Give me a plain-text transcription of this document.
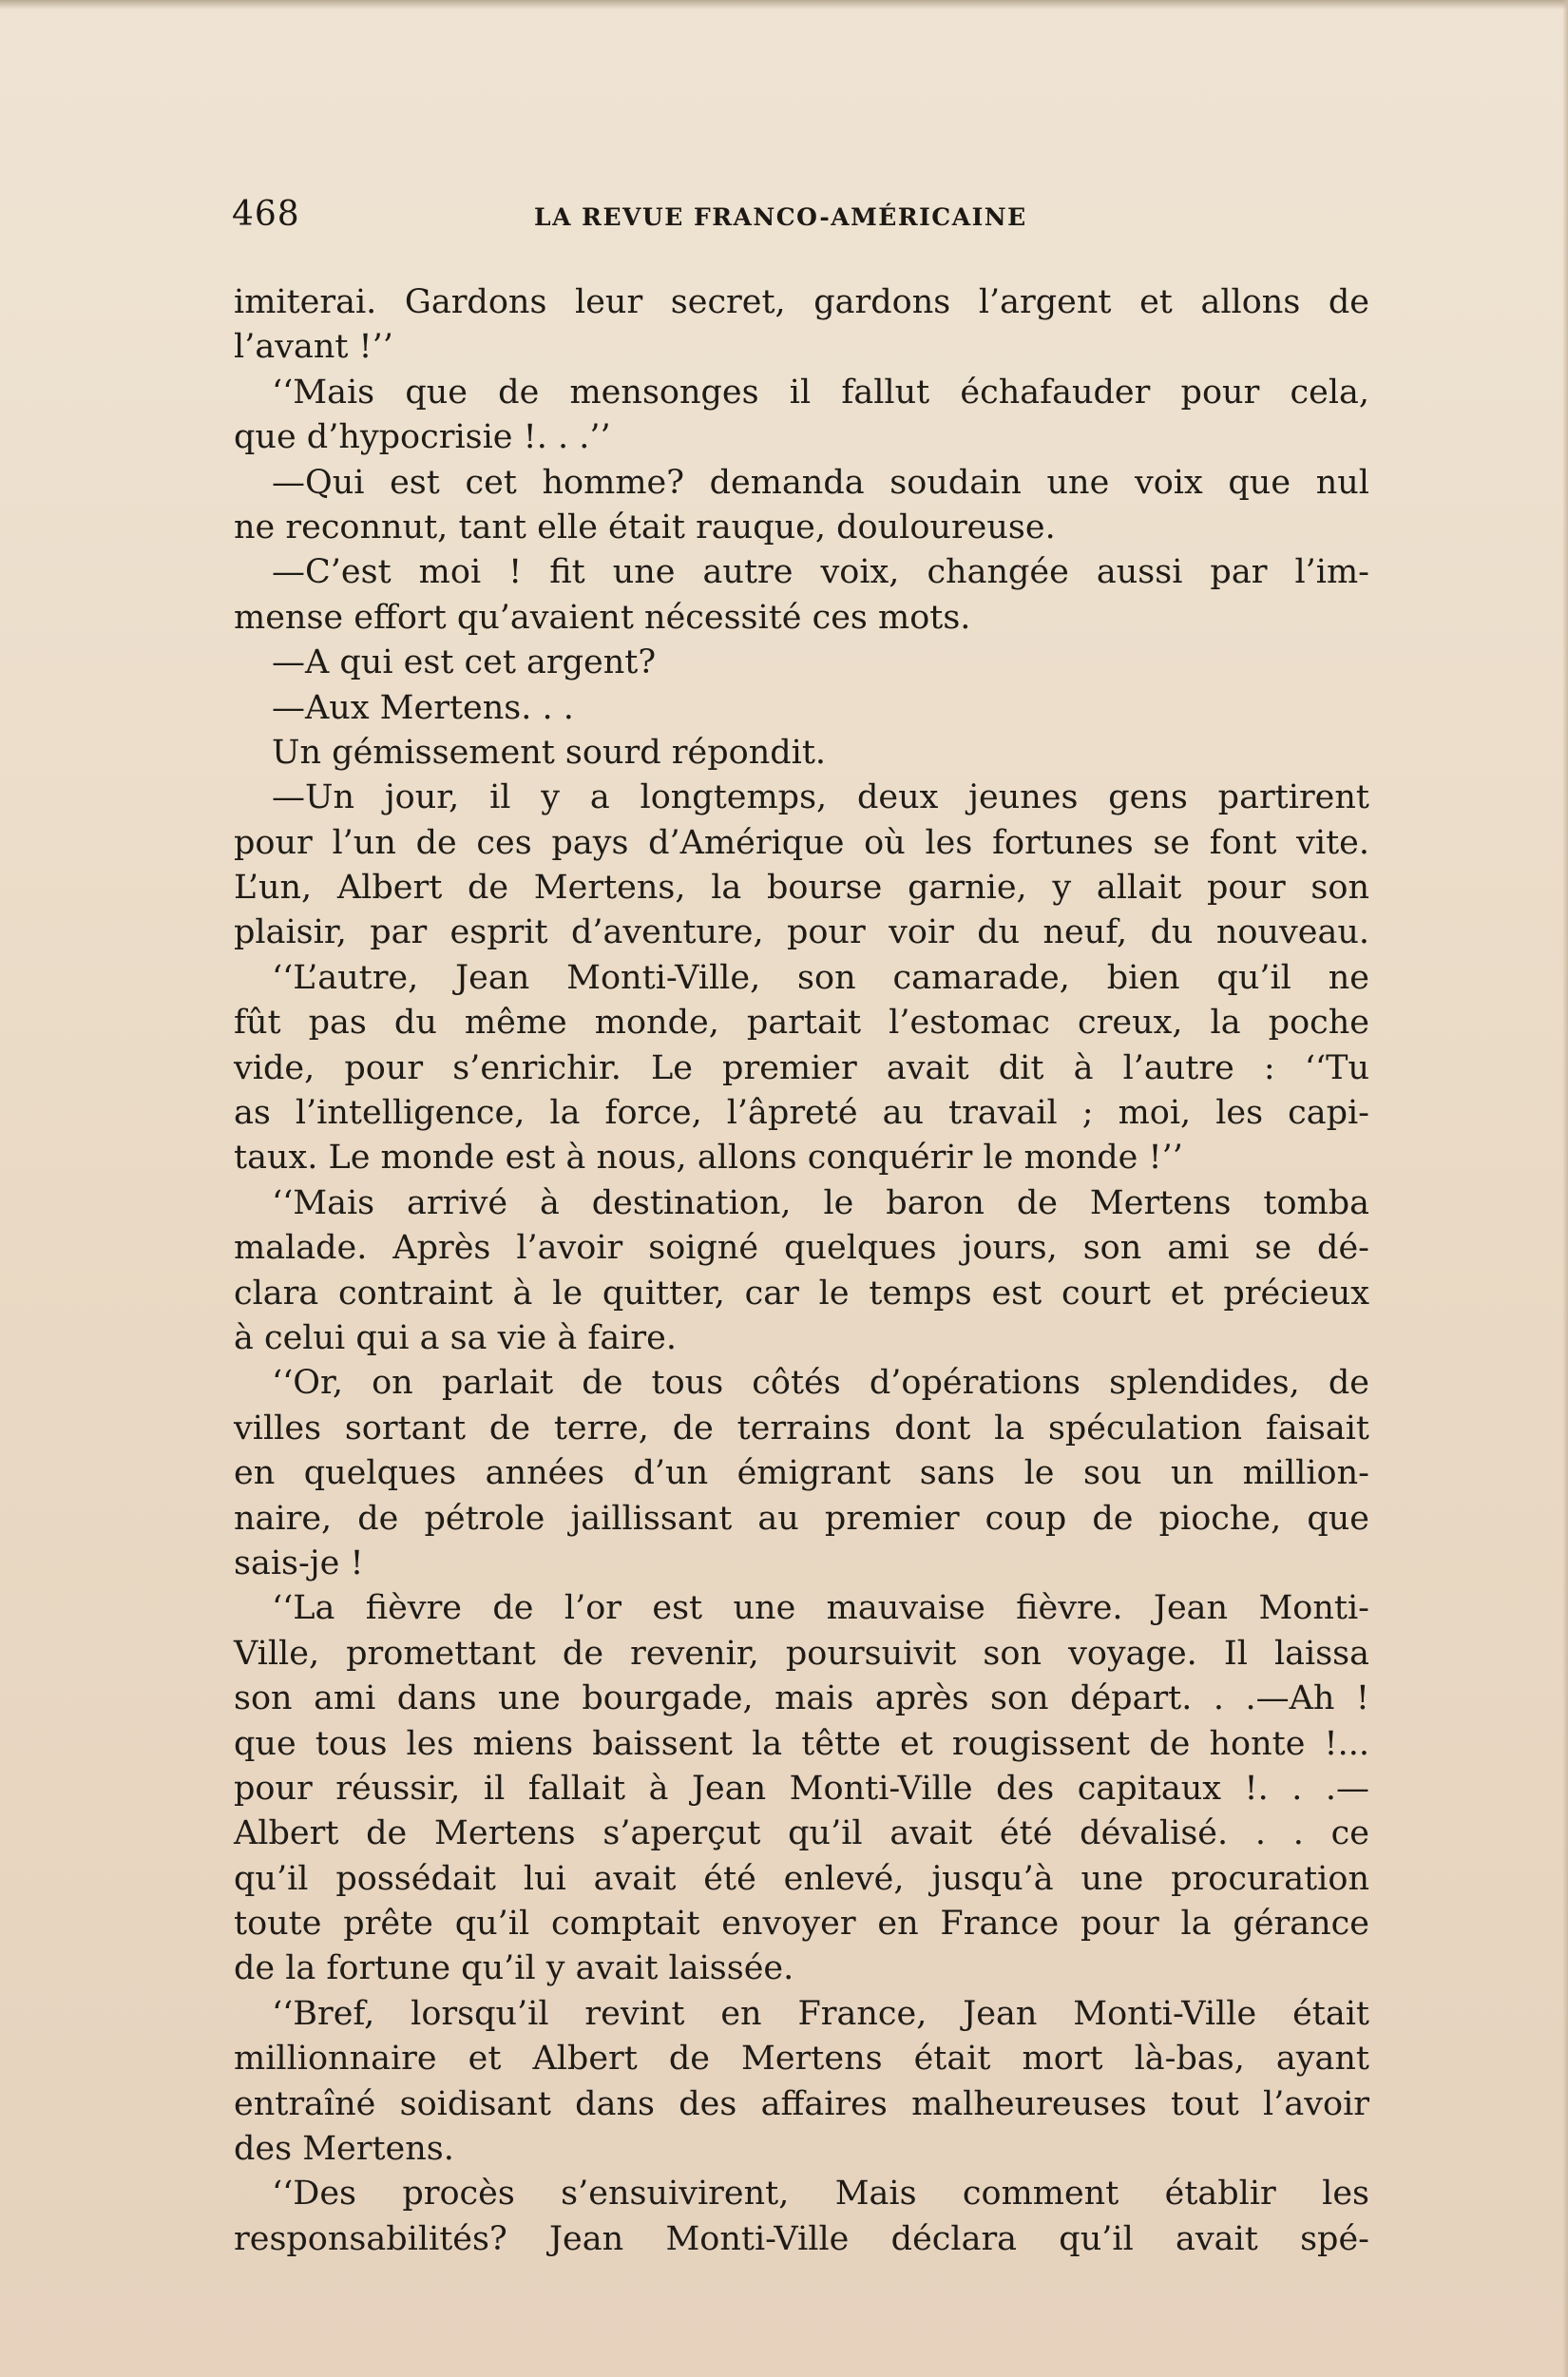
468	LA REVUE FRANCO-AMÉRICAINE
imiterai. Gardons leur secret, gardons l’argent et allons de
l’avant !’’
‘‘Mais que de mensonges il fallut échafauder pour cela,
que d’hypocrisie !. . .’’
—Qui est cet homme? demanda soudain une voix que nul
ne reconnut, tant elle était rauque, douloureuse.
—C’est moi ! fit une autre voix, changée aussi par l’im-
mense effort qu’avaient nécessité ces mots.
—A qui est cet argent?
—Aux Mertens. . .
Un gémissement sourd répondit.
—Un jour, il y a longtemps, deux jeunes gens partirent
pour l’un de ces pays d’Amérique où les fortunes se font vite.
L’un, Albert de Mertens, la bourse garnie, y allait pour son
plaisir, par esprit d’aventure, pour voir du neuf, du nouveau.
‘‘L’autre, Jean Monti-Ville, son camarade, bien qu’il ne
fût pas du même monde, partait l’estomac creux, la poche
vide, pour s’enrichir. Le premier avait dit à l’autre : ‘‘Tu
as l’intelligence, la force, l’âpreté au travail ; moi, les capi-
taux. Le monde est à nous, allons conquérir le monde !’’
‘‘Mais arrivé à destination, le baron de Mertens tomba
malade. Après l’avoir soigné quelques jours, son ami se dé-
clara contraint à le quitter, car le temps est court et précieux
à celui qui a sa vie à faire.
‘‘Or, on parlait de tous côtés d’opérations splendides, de
villes sortant de terre, de terrains dont la spéculation faisait
en quelques années d’un émigrant sans le sou un million-
naire, de pétrole jaillissant au premier coup de pioche, que
sais-je !
‘‘La fièvre de l’or est une mauvaise fièvre. Jean Monti-
Ville, promettant de revenir, poursuivit son voyage. Il laissa
son ami dans une bourgade, mais après son départ. . .—Ah !
que tous les miens baissent la têtte et rougissent de honte !...
pour réussir, il fallait à Jean Monti-Ville des capitaux !. . .—
Albert de Mertens s’aperçut qu’il avait été dévalisé. . . ce
qu’il possédait lui avait été enlevé, jusqu’à une procuration
toute prête qu’il comptait envoyer en France pour la gérance
de la fortune qu’il y avait laissée.
‘‘Bref, lorsqu’il revint en France, Jean Monti-Ville était
millionnaire et Albert de Mertens était mort là-bas, ayant
entraîné soidisant dans des affaires malheureuses tout l’avoir
des Mertens.
‘‘Des procès s’ensuivirent, Mais comment établir les
responsabilités? Jean Monti-Ville déclara qu’il avait spé-
